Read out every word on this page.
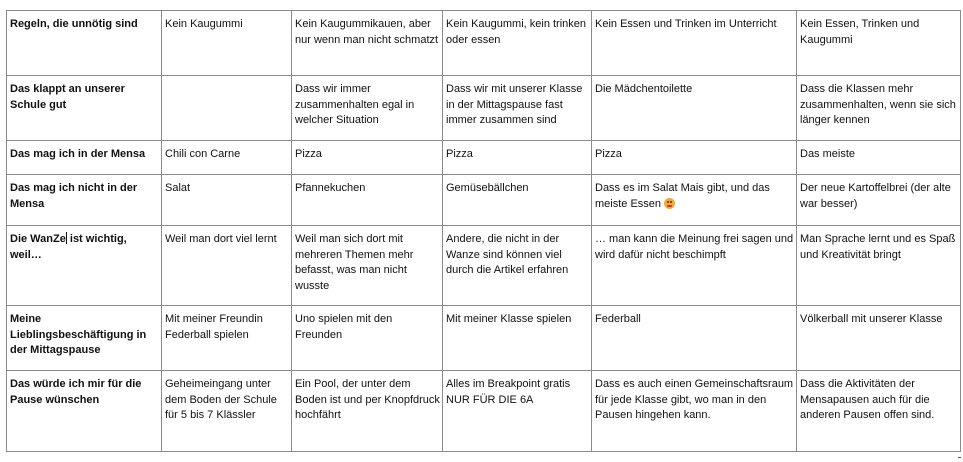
Regeln, die unnötig sind	Kein Kaugummi	Kein Kaugummikauen, aber nur wenn man nicht schmatzt	Kein Kaugummi, kein trinken oder essen	Kein Essen und Trinken im Unterricht	Kein Essen, Trinken und Kaugummi
Das klappt an unserer Schule gut		Dass wir immer zusammenhalten egal in welcher Situation	Dass wir mit unserer Klasse in der Mittagspause fast immer zusammen sind	Die Mädchentoilette	Dass die Klassen mehr zusammenhalten, wenn sie sich länger kennen
Das mag ich in der Mensa	Chili con Carne	Pizza	Pizza	Pizza	Das meiste
Das mag ich nicht in der Mensa	Salat	Pfannekuchen	Gemüsebällchen	Dass es im Salat Mais gibt, und das meiste Essen	Der neue Kartoffelbrei (der alte war besser)
Die WanZe ist wichtig, weil…	Weil man dort viel lernt	Weil man sich dort mit mehreren Themen mehr befasst, was man nicht wusste	Andere, die nicht in der Wanze sind können viel durch die Artikel erfahren	… man kann die Meinung frei sagen und wird dafür nicht beschimpft	Man Sprache lernt und es Spaß und Kreativität bringt
Meine Lieblingsbeschäftigung in der Mittagspause	Mit meiner Freundin Federball spielen	Uno spielen mit den Freunden	Mit meiner Klasse spielen	Federball	Völkerball mit unserer Klasse
Das würde ich mir für die Pause wünschen	Geheimeingang unter dem Boden der Schule für 5 bis 7 Klässler	Ein Pool, der unter dem Boden ist und per Knopfdruck hochfährt	Alles im Breakpoint gratis NUR FÜR DIE 6A	Dass es auch einen Gemeinschaftsraum für jede Klasse gibt, wo man in den Pausen hingehen kann.	Dass die Aktivitäten der Mensapausen auch für die anderen Pausen offen sind.
